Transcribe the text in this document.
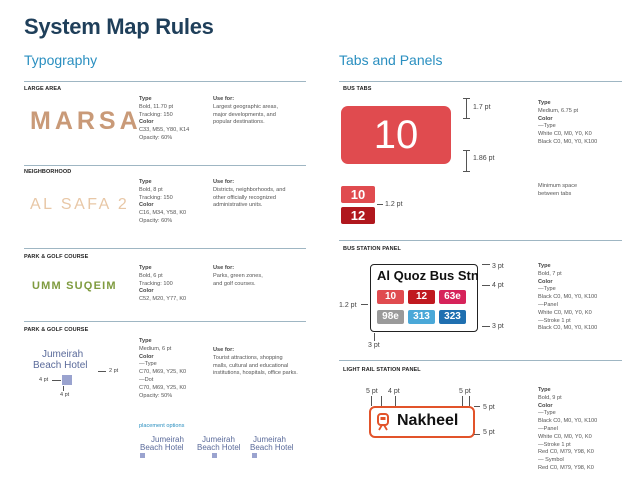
System Map Rules
Typography
LARGE AREA
MARSA
Type
Bold, 11.70 pt
Tracking: 150
Color
C33, M55, Y80, K14
Opacity: 60%
Use for:
Largest geographic areas,
major developments, and
popular destinations.
NEIGHBORHOOD
AL SAFA 2
Type
Bold, 8 pt
Tracking: 150
Color
C16, M34, Y58, K0
Opacity: 60%
Use for:
Districts, neighborhoods, and
other officially recognized
administrative units.
PARK & GOLF COURSE
UMM SUQEIM
Type
Bold, 6 pt
Tracking: 100
Color
C52, M20, Y77, K0
Use for:
Parks, green zones,
and golf courses.
PARK & GOLF COURSE
Jumeirah
Beach Hotel	2 pt
4 pt
4 pt
Type
Medium, 6 pt
Color
—Type
C70, M69, Y25, K0
—Dot
C70, M69, Y25, K0
Opacity: 50%
Use for:
Tourist attractions, shopping
malls, cultural and educational
institutions, hospitals, office parks.
placement options
Jumeirah
Beach Hotel
Jumeirah
Beach Hotel
Jumeirah
Beach Hotel
Tabs and Panels
BUS TABS
10
1.7 pt
1.86 pt
Type
Medium, 6.75 pt
Color
—Type
White C0, M0, Y0, K0
Black C0, M0, Y0, K100
10
12
1.2 pt
Minimum space
between tabs
BUS STATION PANEL
Al Quoz Bus Stn
10	12	63e
98e	313	323
3 pt
4 pt
1.2 pt
3 pt
3 pt
Type
Bold, 7 pt
Color
—Type
Black C0, M0, Y0, K100
—Panel
White C0, M0, Y0, K0
—Stroke 1 pt
Black C0, M0, Y0, K100
LIGHT RAIL STATION PANEL
5 pt 4 pt	5 pt
Nakheel
5 pt
5 pt
Type
Bold, 9 pt
Color
—Type
Black C0, M0, Y0, K100
—Panel
White C0, M0, Y0, K0
—Stroke 1 pt
Red C0, M79, Y98, K0
— Symbol
Red C0, M79, Y98, K0
